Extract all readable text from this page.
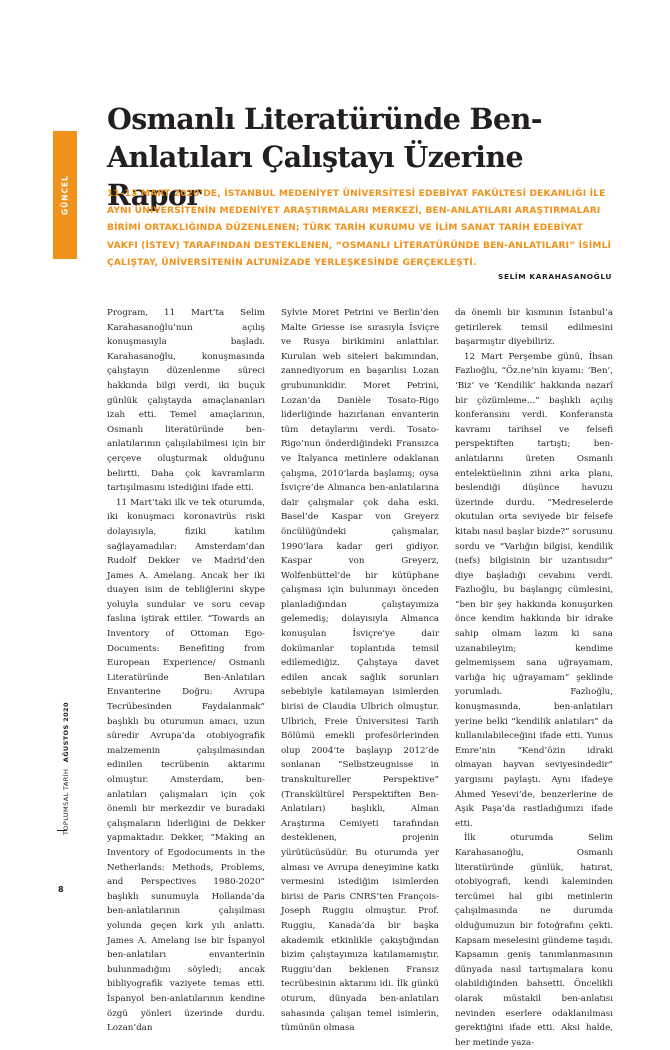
GÜNCEL
Osmanlı Literatüründe Ben-Anlatıları Çalıştayı Üzerine Rapor

11–13 MART 2020’DE, İSTANBUL MEDENİYET ÜNİVERSİTESİ EDEBİYAT FAKÜLTESİ DEKANLIĞI İLE AYNI ÜNİVERSİTENİN MEDENİYET ARAŞTIRMALARI MERKEZİ, BEN-ANLATILARI ARAŞTIRMALARI BİRİMİ ORTAKLIĞINDA DÜZENLENEN; TÜRK TARİH KURUMU VE İLİM SANAT TARİH EDEBİYAT VAKFI (İSTEV) TARAFINDAN DESTEKLENEN, “OSMANLI LİTERATÜRÜNDE BEN-ANLATILARI” İSİMLİ ÇALIŞTAY, ÜNİVERSİTENİN ALTUNİZADE YERLEŞKESİNDE GERÇEKLEŞTİ.

SELİM KARAHASANOĞLU

Program, 11 Mart’ta Selim Karahasanoğlu’nun açılış konuşmasıyla başladı. Karahasanoğlu, konuşmasında çalıştayın düzenlenme süreci hakkında bilgi verdi, iki buçuk günlük çalıştayda amaçlananları izah etti. Temel amaçlarının, Osmanlı literatüründe ben-anlatılarının çalışılabilmesi için bir çerçeve oluşturmak olduğunu belirtti. Daha çok kavramların tartışılmasını istediğini ifade etti.

11 Mart’taki ilk ve tek oturumda, iki konuşmacı koronavirüs riski dolayısıyla, fiziki katılım sağlayamadılar: Amsterdam’dan Rudolf Dekker ve Madrid’den James A. Amelang. Ancak her iki duayen isim de tebliğlerini skype yoluyla sundular ve soru cevap faslına iştirak ettiler. “Towards an Inventory of Ottoman Ego-Documents: Benefiting from European Experience/ Osmanlı Literatüründe Ben-Anlatıları Envanterine Doğru: Avrupa Tecrübesinden Faydalanmak” başlıklı bu oturumun amacı, uzun süredir Avrupa’da otobiyografik malzemenin çalışılmasından edinilen tecrübenin aktarımı olmuştur. Amsterdam, ben-anlatıları çalışmaları için çok önemli bir merkezdir ve buradaki çalışmaların liderliğini de Dekker yapmaktadır. Dekker, “Making an Inventory of Egodocuments in the Netherlands: Methods, Problems, and Perspectives 1980-2020” başlıklı sunumuyla Hollanda’da ben-anlatılarının çalışılması yolunda geçen kırk yılı anlattı. James A. Amelang ise bir İspanyol ben-anlatıları envanterinin bulunmadığını söyledi; ancak bibliyografik vaziyete temas etti. İspanyol ben-anlatılarının kendine özgü yönleri üzerinde durdu. Lozan’dan

Sylvie Moret Petrini ve Berlin’den Malte Griesse ise sırasıyla İsviçre ve Rusya birikimini anlattılar. Kurulan web siteleri bakımından, zannediyorum en başarılısı Lozan grubununkidir. Moret Petrini, Lozan’da Danièle Tosato-Rigo liderliğinde hazırlanan envanterin tüm detaylarını verdi. Tosato-Rigo’nun önderdiğindeki Fransızca ve İtalyanca metinlere odaklanan çalışma, 2010’larda başlamış; oysa İsviçre’de Almanca ben-anlatılarına dair çalışmalar çok daha eski. Basel’de Kaspar von Greyerz öncülüğündeki çalışmalar, 1990’lara kadar geri gidiyor. Kaspar von Greyerz, Wolfenbüttel’de bir kütüphane çalışması için bulunmayı önceden planladığından çalıştayımıza gelemediş; dolayısıyla Almanca konuşulan İsviçre’ye dair dokümanlar toplantıda temsil edilemediğiz. Çalıştaya davet edilen ancak sağlık sorunları sebebiyle katılamayan isimlerden birisi de Claudia Ulbrich olmuştur. Ulbrich, Freie Üniversitesi Tarih Bölümü emekli profesörlerinden olup 2004’te başlayıp 2012’de sonlanan “Selbstzeugnisse in transkultureller Perspektive” (Transkültürel Perspektiften Ben-Anlatıları) başlıklı, Alman Araştırma Cemiyeti tarafından desteklenen, projenin yürütücüsüdür. Bu oturumda yer alması ve Avrupa deneyimine katkı vermesini istediğim isimlerden birisi de Paris CNRS’ten François-Joseph Ruggiu olmuştur. Prof. Ruggiu, Kanada’da bir başka akademik etkinlikle çakıştığından bizim çalıştayımıza katılamamıştır. Ruggiu’dan beklenen Fransız tecrübesinin aktarımı idi. İlk günkü oturum, dünyada ben-anlatıları sahasında çalışan temel isimlerin, tümünün olmasa

da önemli bir kısmının İstanbul’a getirilerek temsil edilmesini başarmıştır diyebiliriz.

12 Mart Perşembe günü, İhsan Fazlıoğlu, “Öz.ne’nin kıyamı: ‘Ben’, ‘Biz’ ve ‘Kendilik’ hakkında nazarî bir çözümleme...” başlıklı açılış konferansını verdi. Konferansta kavramı tarihsel ve felsefi perspektiften tartıştı; ben-anlatılarını üreten Osmanlı entelektüelinin zihni arka planı, beslendiği düşünce havuzu üzerinde durdu. “Medreselerde okutulan orta seviyede bir felsefe kitabı nasıl başlar bizde?” sorusunu sordu ve “Varlığın bilgisi, kendilik (nefs) bilgisinin bir uzantısıdır” diye başladığı cevabını verdi. Fazlıoğlu, bu başlangıç cümlesini, “ben bir şey hakkında konuşurken önce kendim hakkında bir idrake sahip olmam lazım ki sana uzanabileyim; kendime gelmemişsem sana uğrayamam, varlığa hiç uğrayamam” şeklinde yorumladı. Fazlıoğlu, konuşmasında, ben-anlatıları yerine belki “kendilik anlatıları” da kullanılabileceğini ifade etti. Yunus Emre’nin “Kend’özin idraki olmayan hayvan seviyesindedir” yargısını paylaştı. Aynı ifadeye Ahmed Yesevi’de, benzerlerine de Aşık Paşa’da rastladığımızı ifade etti.

İlk oturumda Selim Karahasanoğlu, Osmanlı literatüründe günlük, hatırat, otobiyografi, kendi kaleminden tercümei hal gibi metinlerin çalışılmasında ne durumda olduğumuzun bir fotoğrafını çekti. Kapsam meselesini gündeme taşıdı. Kapsamın geniş tanımlanmasının dünyada nasıl tartışmalara konu olabildiğinden bahsetti. Öncelikli olarak müstakil ben-anlatısı nevinden eserlere odaklanılması gerektiğini ifade etti. Aksi halde, her metinde yaza-

TOPLUMSAL TARİH AĞUSTOS 2020
8
